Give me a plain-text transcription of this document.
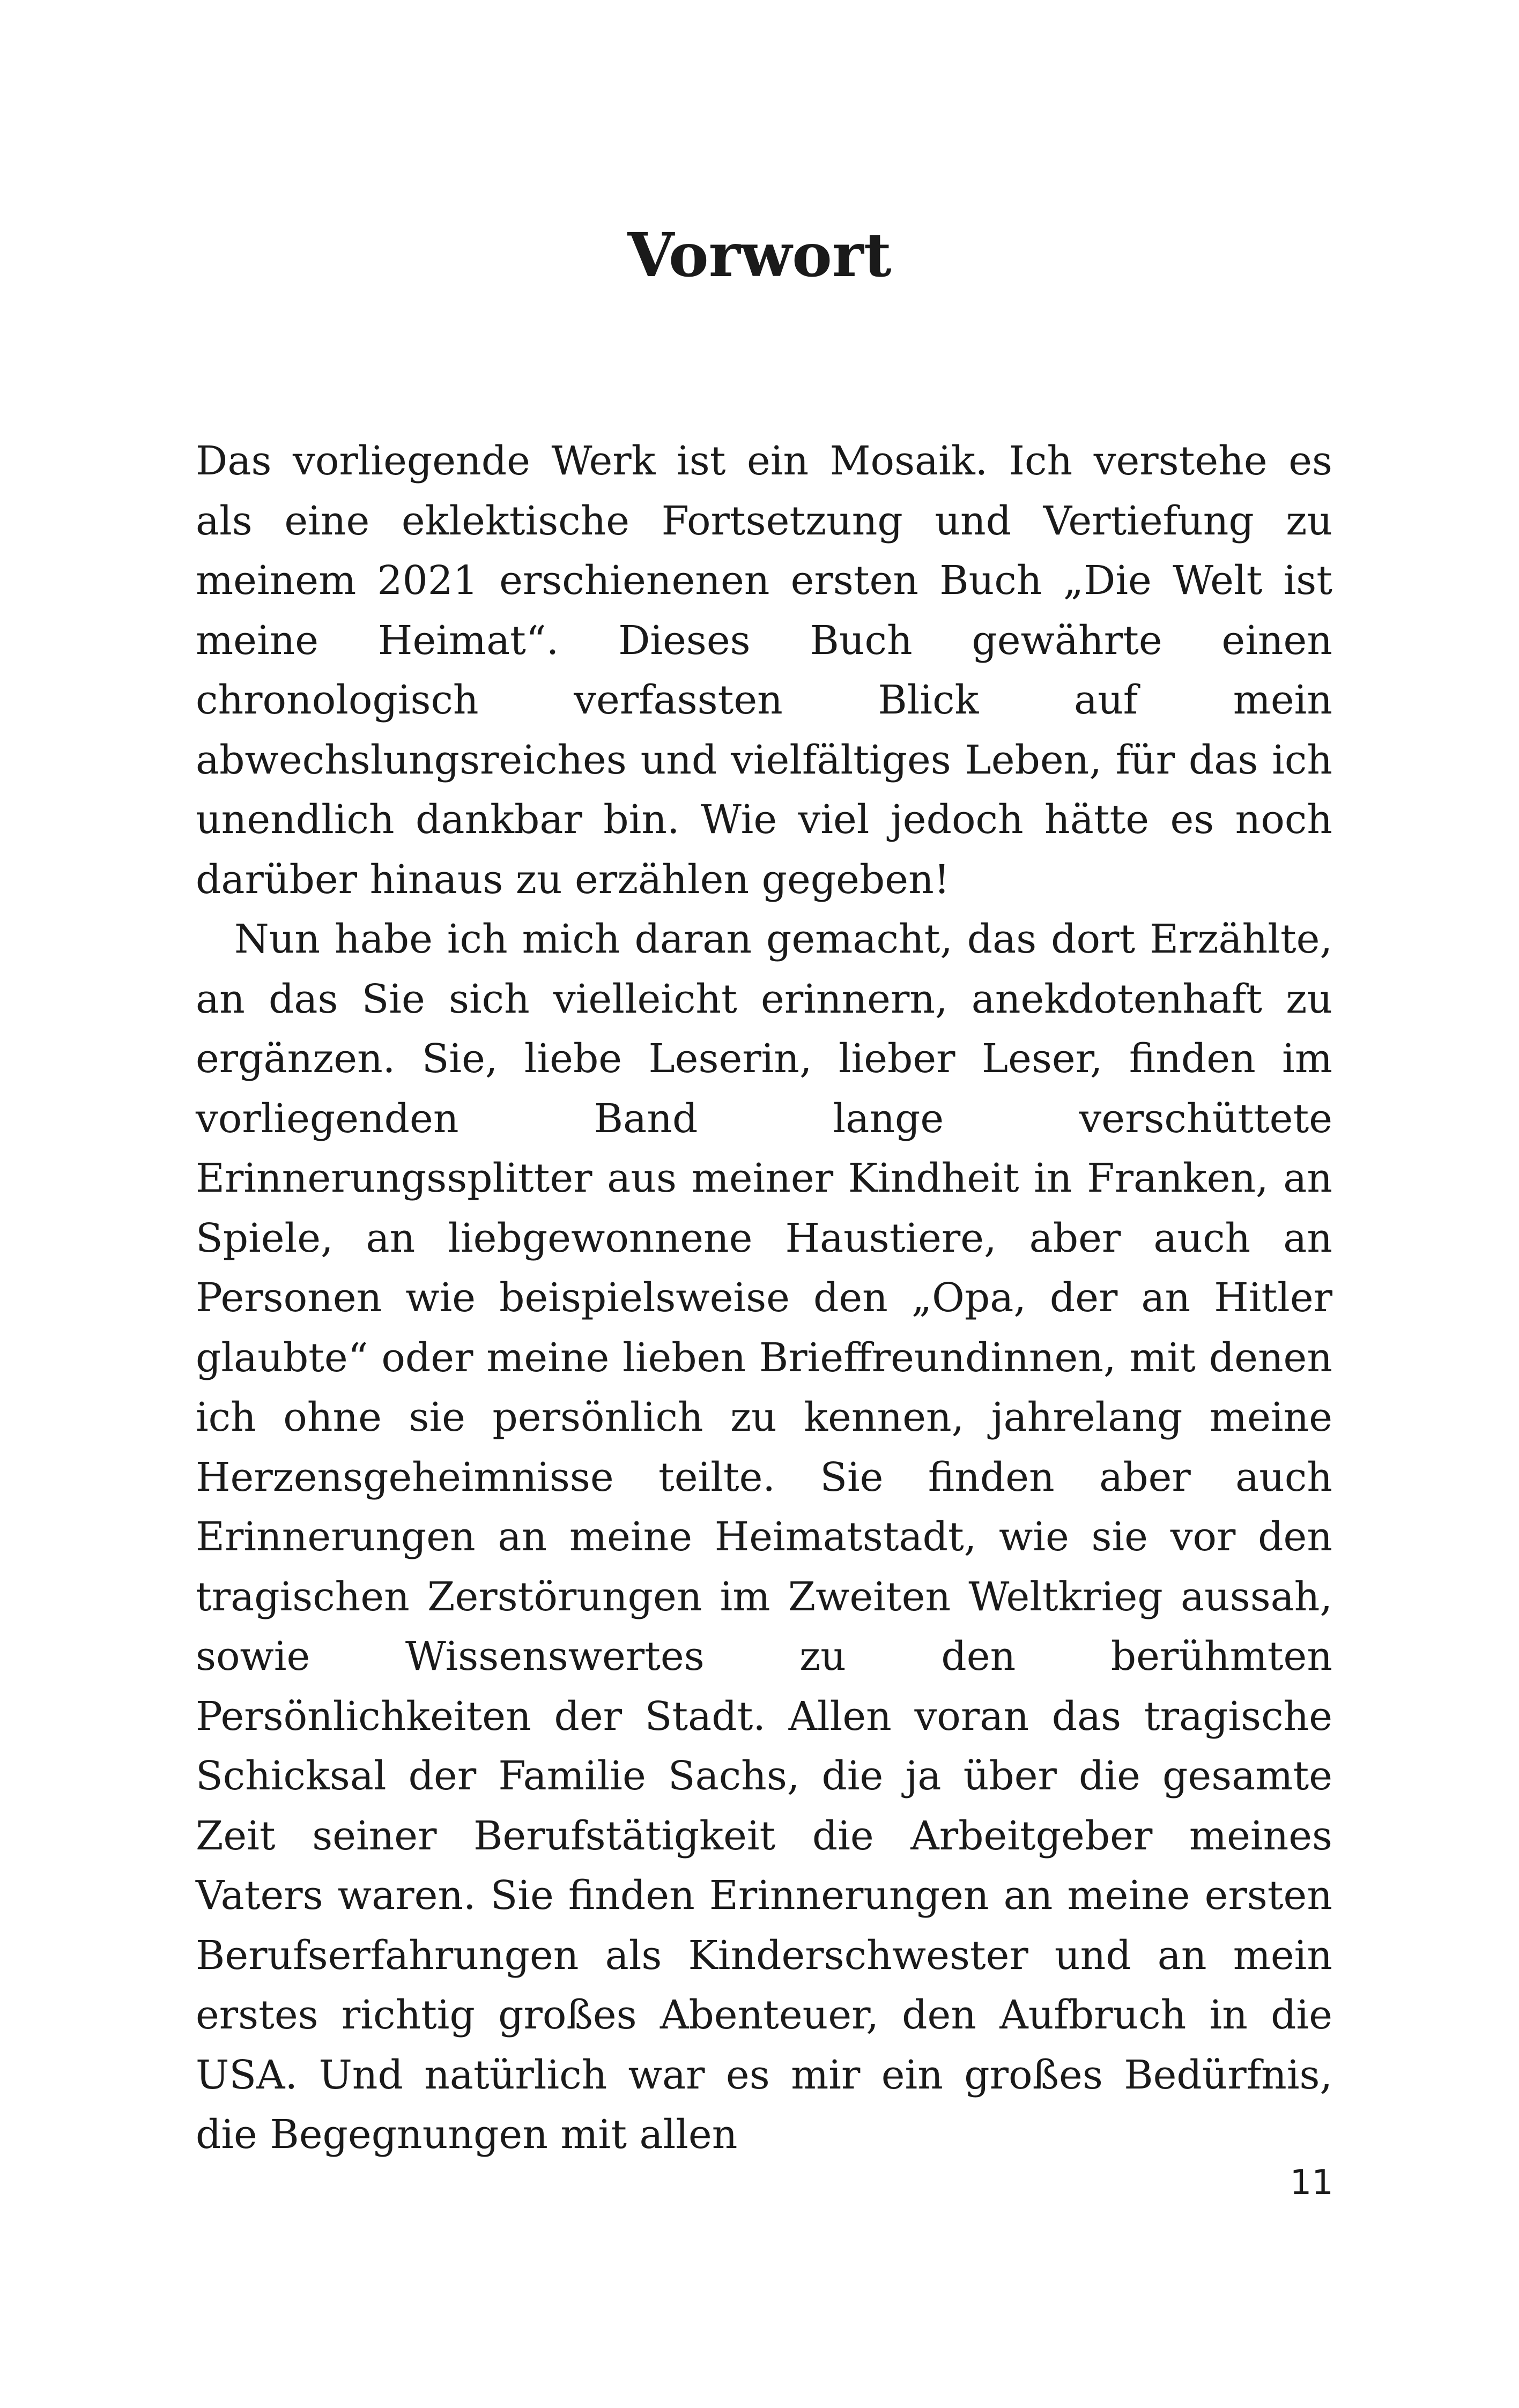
Vorwort

Das vorliegende Werk ist ein Mosaik. Ich verstehe es als eine eklektische Fortsetzung und Vertiefung zu meinem 2021 erschienenen ersten Buch „Die Welt ist meine Heimat“. Dieses Buch gewährte einen chronologisch verfassten Blick auf mein abwechslungsreiches und vielfältiges Leben, für das ich unendlich dankbar bin. Wie viel jedoch hätte es noch darüber hinaus zu erzählen gegeben!

Nun habe ich mich daran gemacht, das dort Erzählte, an das Sie sich vielleicht erinnern, anekdotenhaft zu ergänzen. Sie, liebe Leserin, lieber Leser, finden im vorliegenden Band lange verschüttete Erinnerungssplitter aus meiner Kindheit in Franken, an Spiele, an liebgewonnene Haustiere, aber auch an Personen wie beispielsweise den „Opa, der an Hitler glaubte“ oder meine lieben Brieffreundinnen, mit denen ich ohne sie persönlich zu kennen, jahrelang meine Herzensgeheimnisse teilte. Sie finden aber auch Erinnerungen an meine Heimatstadt, wie sie vor den tragischen Zerstörungen im Zweiten Weltkrieg aussah, sowie Wissenswertes zu den berühmten Persönlichkeiten der Stadt. Allen voran das tragische Schicksal der Familie Sachs, die ja über die gesamte Zeit seiner Berufstätigkeit die Arbeitgeber meines Vaters waren. Sie finden Erinnerungen an meine ersten Berufserfahrungen als Kinderschwester und an mein erstes richtig großes Abenteuer, den Aufbruch in die USA. Und natürlich war es mir ein großes Bedürfnis, die Begegnungen mit allen

11
